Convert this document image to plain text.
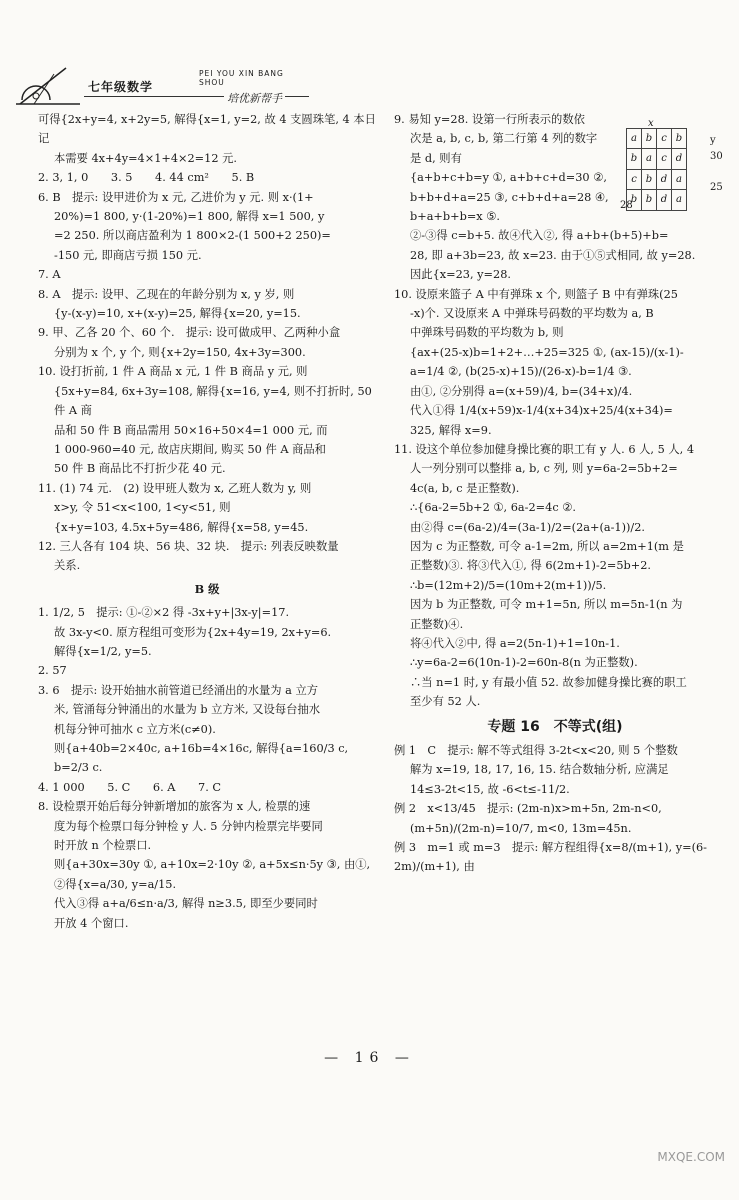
七年级数学
PEI YOU XIN BANG SHOU
培优新帮手

可得{2x+y=4, x+2y=5, 解得{x=1, y=2, 故 4 支圆珠笔, 4 本日记

本需要 4x+4y=4×1+4×2=12 元.

2. 3, 1, 0　　3. 5　　4. 44 cm²　　5. B

6. B　提示: 设甲进价为 x 元, 乙进价为 y 元. 则 x·(1+

20%)=1 800, y·(1-20%)=1 800, 解得 x=1 500, y

=2 250. 所以商店盈利为 1 800×2-(1 500+2 250)=

-150 元, 即商店亏损 150 元.

7. A

8. A　提示: 设甲、乙现在的年龄分别为 x, y 岁, 则

{y-(x-y)=10, x+(x-y)=25, 解得{x=20, y=15.

9. 甲、乙各 20 个、60 个.　提示: 设可做成甲、乙两种小盒

分别为 x 个, y 个, 则{x+2y=150, 4x+3y=300.

10. 设打折前, 1 件 A 商品 x 元, 1 件 B 商品 y 元, 则

{5x+y=84, 6x+3y=108, 解得{x=16, y=4, 则不打折时, 50 件 A 商

品和 50 件 B 商品需用 50×16+50×4=1 000 元, 而

1 000-960=40 元, 故店庆期间, 购买 50 件 A 商品和

50 件 B 商品比不打折少花 40 元.

11. (1) 74 元.　(2) 设甲班人数为 x, 乙班人数为 y, 则

x>y, 令 51<x<100, 1<y<51, 则

{x+y=103, 4.5x+5y=486, 解得{x=58, y=45.

12. 三人各有 104 块、56 块、32 块.　提示: 列表反映数量

关系.

B 级

1. 1/2, 5　提示: ①-②×2 得 -3x+y+|3x-y|=17.

故 3x-y<0. 原方程组可变形为{2x+4y=19, 2x+y=6.

解得{x=1/2, y=5.

2. 57

3. 6　提示: 设开始抽水前管道已经涌出的水量为 a 立方

米, 管涌每分钟涌出的水量为 b 立方米, 又设每台抽水

机每分钟可抽水 c 立方米(c≠0).

则{a+40b=2×40c, a+16b=4×16c, 解得{a=160/3 c, b=2/3 c.

4. 1 000　　5. C　　6. A　　7. C

8. 设检票开始后每分钟新增加的旅客为 x 人, 检票的速

度为每个检票口每分钟检 y 人. 5 分钟内检票完毕要同

时开放 n 个检票口.

则{a+30x=30y ①, a+10x=2·10y ②, a+5x≤n·5y ③, 由①, ②得{x=a/30, y=a/15.

代入③得 a+a/6≤n·a/3, 解得 n≥3.5, 即至少要同时

开放 4 个窗口.

x
y
30
25
28
a	b	c	b
b	a	c	d
c	b	d	a
b	b	d	a

9. 易知 y=28. 设第一行所表示的数依

次是 a, b, c, b, 第二行第 4 列的数字

是 d, 则有

{a+b+c+b=y ①, a+b+c+d=30 ②, b+b+d+a=25 ③, c+b+d+a=28 ④, b+a+b+b=x ⑤.

②-③得 c=b+5. 故④代入②, 得 a+b+(b+5)+b=

28, 即 a+3b=23, 故 x=23. 由于①⑤式相同, 故 y=28.

因此{x=23, y=28.

10. 设原来篮子 A 中有弹珠 x 个, 则篮子 B 中有弹珠(25

-x)个. 又设原来 A 中弹珠号码数的平均数为 a, B

中弹珠号码数的平均数为 b, 则

{ax+(25-x)b=1+2+…+25=325 ①, (ax-15)/(x-1)-a=1/4 ②, (b(25-x)+15)/(26-x)-b=1/4 ③.

由①, ②分别得 a=(x+59)/4, b=(34+x)/4.

代入①得 1/4(x+59)x-1/4(x+34)x+25/4(x+34)=

325, 解得 x=9.

11. 设这个单位参加健身操比赛的职工有 y 人. 6 人, 5 人, 4

人一列分别可以整排 a, b, c 列, 则 y=6a-2=5b+2=

4c(a, b, c 是正整数).

∴{6a-2=5b+2 ①, 6a-2=4c ②.

由②得 c=(6a-2)/4=(3a-1)/2=(2a+(a-1))/2.

因为 c 为正整数, 可令 a-1=2m, 所以 a=2m+1(m 是

正整数)③. 将③代入①, 得 6(2m+1)-2=5b+2.

∴b=(12m+2)/5=(10m+2(m+1))/5.

因为 b 为正整数, 可令 m+1=5n, 所以 m=5n-1(n 为

正整数)④.

将④代入②中, 得 a=2(5n-1)+1=10n-1.

∴y=6a-2=6(10n-1)-2=60n-8(n 为正整数).

∴当 n=1 时, y 有最小值 52. 故参加健身操比赛的职工

至少有 52 人.

专题 16　不等式(组)

例 1　C　提示: 解不等式组得 3-2t<x<20, 则 5 个整数

解为 x=19, 18, 17, 16, 15. 结合数轴分析, 应满足

14≤3-2t<15, 故 -6<t≤-11/2.

例 2　x<13/45　提示: (2m-n)x>m+5n, 2m-n<0,

(m+5n)/(2m-n)=10/7, m<0, 13m=45n.

例 3　m=1 或 m=3　提示: 解方程组得{x=8/(m+1), y=(6-2m)/(m+1), 由

— 16 —
MXQE.COM
